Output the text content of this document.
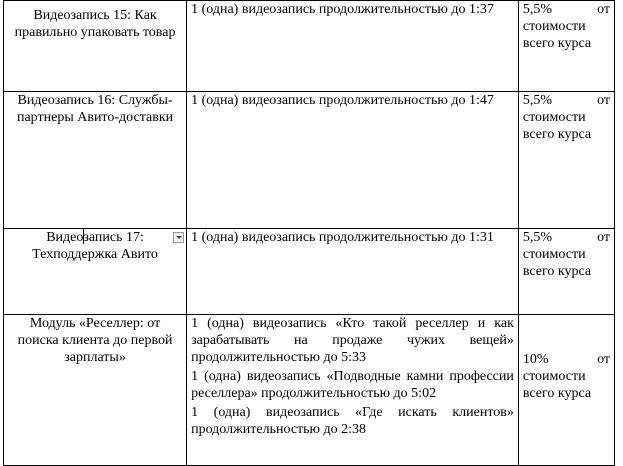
Видеозапись 15: Как правильно упаковать товар	1 (одна) видеозапись продолжительностью до 1:37	5,5% от
стоимости всего курса

Видеозапись 16: Службы-партнеры Авито-доставки	1 (одна) видеозапись продолжительностью до 1:47	5,5% от
стоимости всего курса

Видеозапись 17: Техподдержка Авито	1 (одна) видеозапись продолжительностью до 1:31	5,5% от
стоимости всего курса

Модуль «Реселлер: от поиска клиента до первой зарплаты»	1 (одна) видеозапись «Кто такой реселлер и как зарабатывать на продаже чужих вещей» продолжительностью до 5:33
1 (одна) видеозапись «Подводные камни профессии реселлера» продолжительностью до 5:02
1 (одна) видеозапись «Где искать клиентов» продолжительностью до 2:38	10% от
стоимости всего курса
